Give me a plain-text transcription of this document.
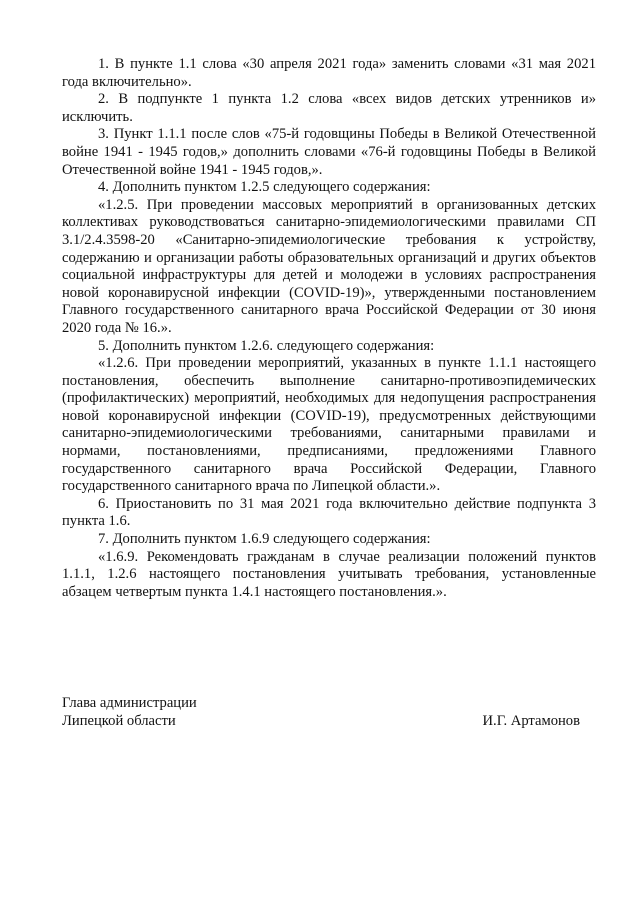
1. В пункте 1.1 слова «30 апреля 2021 года» заменить словами «31 мая 2021 года включительно».

2. В подпункте 1 пункта 1.2 слова «всех видов детских утренников и» исключить.

3. Пункт 1.1.1 после слов «75-й годовщины Победы в Великой Отечественной войне 1941 - 1945 годов,» дополнить словами «76-й годовщины Победы в Великой Отечественной войне 1941 - 1945 годов,».

4. Дополнить пунктом 1.2.5 следующего содержания:

«1.2.5. При проведении массовых мероприятий в организованных детских коллективах руководствоваться санитарно-эпидемиологическими правилами СП 3.1/2.4.3598-20 «Санитарно-эпидемиологические требования к устройству, содержанию и организации работы образовательных организаций и других объектов социальной инфраструктуры для детей и молодежи в условиях распространения новой коронавирусной инфекции (COVID-19)», утвержденными постановлением Главного государственного санитарного врача Российской Федерации от 30 июня 2020 года № 16.».

5. Дополнить пунктом 1.2.6. следующего содержания:

«1.2.6. При проведении мероприятий, указанных в пункте 1.1.1 настоящего постановления, обеспечить выполнение санитарно-противоэпидемических (профилактических) мероприятий, необходимых для недопущения распространения новой коронавирусной инфекции (COVID-19), предусмотренных действующими санитарно-эпидемиологическими требованиями, санитарными правилами и нормами, постановлениями, предписаниями, предложениями Главного государственного санитарного врача Российской Федерации, Главного государственного санитарного врача по Липецкой области.».

6. Приостановить по 31 мая 2021 года включительно действие подпункта 3 пункта 1.6.

7. Дополнить пунктом 1.6.9 следующего содержания:

«1.6.9. Рекомендовать гражданам в случае реализации положений пунктов 1.1.1, 1.2.6 настоящего постановления учитывать требования, установленные абзацем четвертым пункта 1.4.1 настоящего постановления.».

Глава администрации
Липецкой области	И.Г. Артамонов
